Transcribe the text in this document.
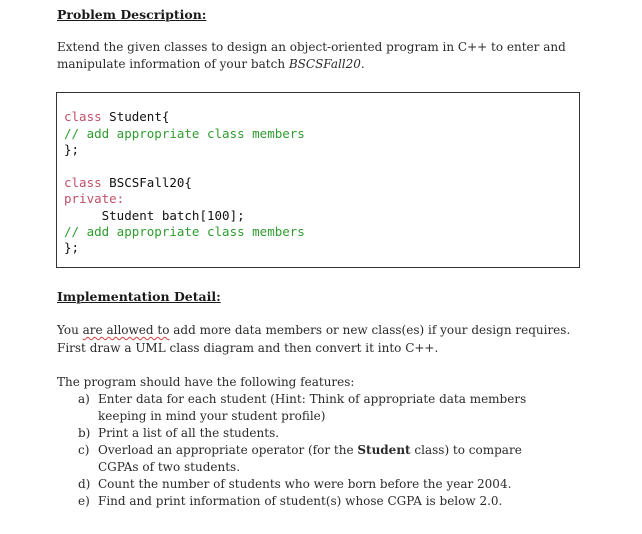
Problem Description:
Extend the given classes to design an object-oriented program in C++ to enter and
manipulate information of your batch BSCSFall20.
class Student{
// add appropriate class members
};
class BSCSFall20{
private:
Student batch[100];
// add appropriate class members
};
Implementation Detail:
You are allowed to add more data members or new class(es) if your design requires.
First draw a UML class diagram and then convert it into C++.
The program should have the following features:
a) Enter data for each student (Hint: Think of appropriate data members
keeping in mind your student profile)
b) Print a list of all the students.
c) Overload an appropriate operator (for the Student class) to compare
CGPAs of two students.
d) Count the number of students who were born before the year 2004.
e) Find and print information of student(s) whose CGPA is below 2.0.
